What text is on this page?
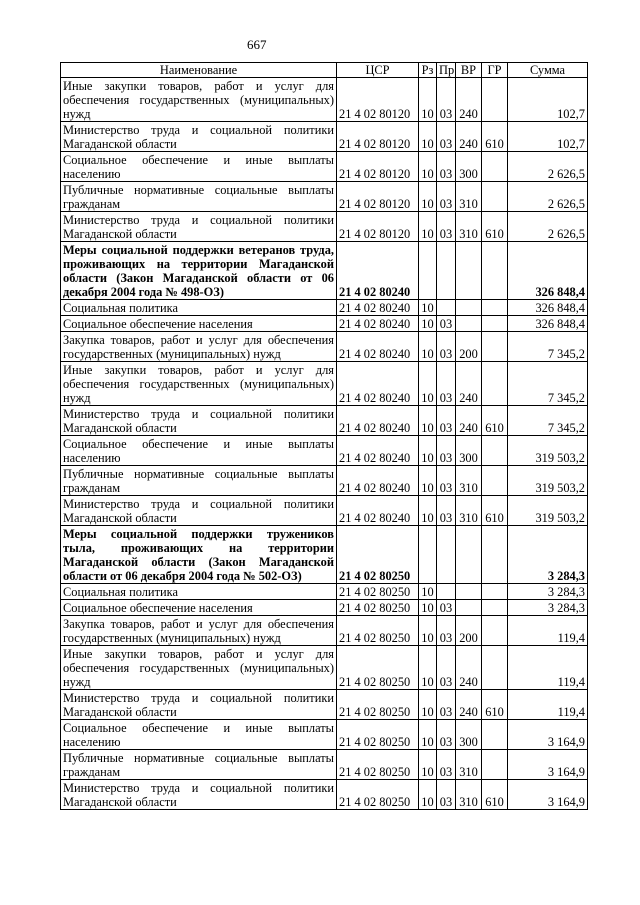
667
Наименование	ЦСР	Рз	Пр	ВР	ГР	Сумма
Иные закупки товаров, работ и услуг для обеспечения государственных (муниципальных) нужд	21 4 02 80120	10	03	240		102,7
Министерство труда и социальной политики Магаданской области	21 4 02 80120	10	03	240	610	102,7
Социальное обеспечение и иные выплаты населению	21 4 02 80120	10	03	300		2 626,5
Публичные нормативные социальные выплаты гражданам	21 4 02 80120	10	03	310		2 626,5
Министерство труда и социальной политики Магаданской области	21 4 02 80120	10	03	310	610	2 626,5
Меры социальной поддержки ветеранов труда, проживающих на территории Магаданской области (Закон Магаданской области от 06 декабря 2004 года № 498-ОЗ)	21 4 02 80240					326 848,4
Социальная политика	21 4 02 80240	10				326 848,4
Социальное обеспечение населения	21 4 02 80240	10	03			326 848,4
Закупка товаров, работ и услуг для обеспечения государственных (муниципальных) нужд	21 4 02 80240	10	03	200		7 345,2
Иные закупки товаров, работ и услуг для обеспечения государственных (муниципальных) нужд	21 4 02 80240	10	03	240		7 345,2
Министерство труда и социальной политики Магаданской области	21 4 02 80240	10	03	240	610	7 345,2
Социальное обеспечение и иные выплаты населению	21 4 02 80240	10	03	300		319 503,2
Публичные нормативные социальные выплаты гражданам	21 4 02 80240	10	03	310		319 503,2
Министерство труда и социальной политики Магаданской области	21 4 02 80240	10	03	310	610	319 503,2
Меры социальной поддержки тружеников тыла, проживающих на территории Магаданской области (Закон Магаданской области от 06 декабря 2004 года № 502-ОЗ)	21 4 02 80250					3 284,3
Социальная политика	21 4 02 80250	10				3 284,3
Социальное обеспечение населения	21 4 02 80250	10	03			3 284,3
Закупка товаров, работ и услуг для обеспечения государственных (муниципальных) нужд	21 4 02 80250	10	03	200		119,4
Иные закупки товаров, работ и услуг для обеспечения государственных (муниципальных) нужд	21 4 02 80250	10	03	240		119,4
Министерство труда и социальной политики Магаданской области	21 4 02 80250	10	03	240	610	119,4
Социальное обеспечение и иные выплаты населению	21 4 02 80250	10	03	300		3 164,9
Публичные нормативные социальные выплаты гражданам	21 4 02 80250	10	03	310		3 164,9
Министерство труда и социальной политики Магаданской области	21 4 02 80250	10	03	310	610	3 164,9
